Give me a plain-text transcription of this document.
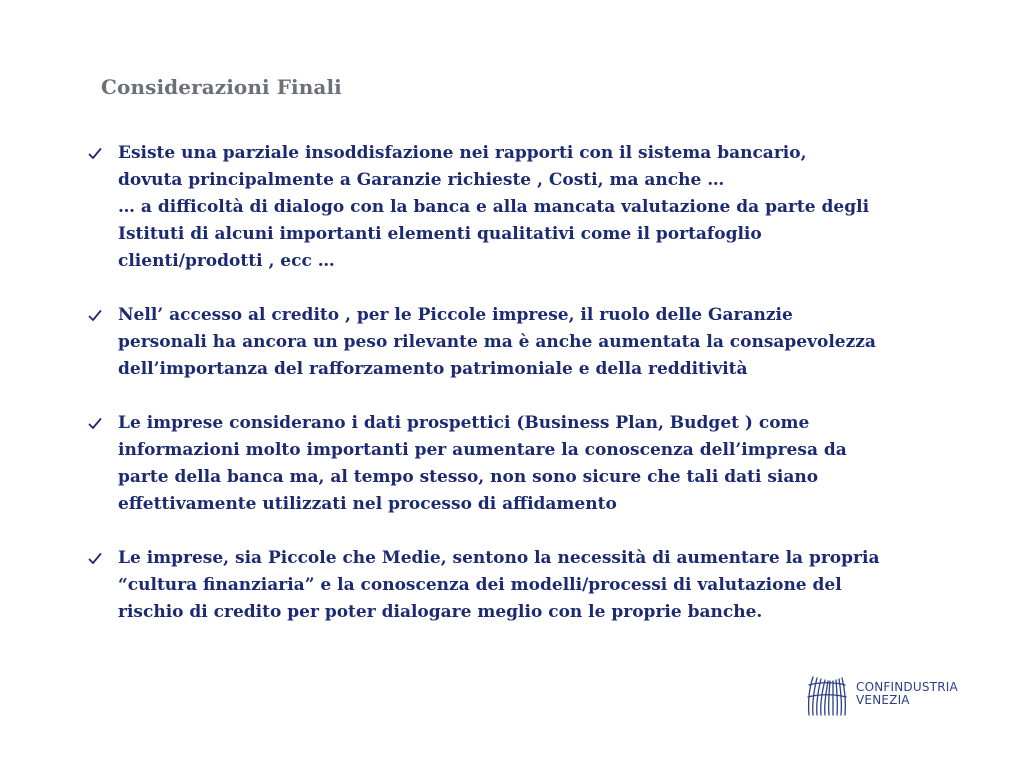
Considerazioni Finali
Esiste una parziale insoddisfazione nei rapporti con il sistema bancario,
dovuta principalmente a Garanzie richieste , Costi, ma anche …
… a difficoltà di dialogo con la banca e alla mancata valutazione da parte degli
Istituti di alcuni importanti elementi qualitativi come il portafoglio
clienti/prodotti , ecc …
Nell’ accesso al credito , per le Piccole imprese, il ruolo delle Garanzie
personali ha ancora un peso rilevante ma è anche aumentata la consapevolezza
dell’importanza del rafforzamento patrimoniale e della redditività
Le imprese considerano i dati prospettici (Business Plan, Budget ) come
informazioni molto importanti per aumentare la conoscenza dell’impresa da
parte della banca ma, al tempo stesso, non sono sicure che tali dati siano
effettivamente utilizzati nel processo di affidamento
Le imprese, sia Piccole che Medie, sentono la necessità di aumentare la propria
“cultura finanziaria” e la conoscenza dei modelli/processi di valutazione del
rischio di credito per poter dialogare meglio con le proprie banche.
CONFINDUSTRIA
VENEZIA
